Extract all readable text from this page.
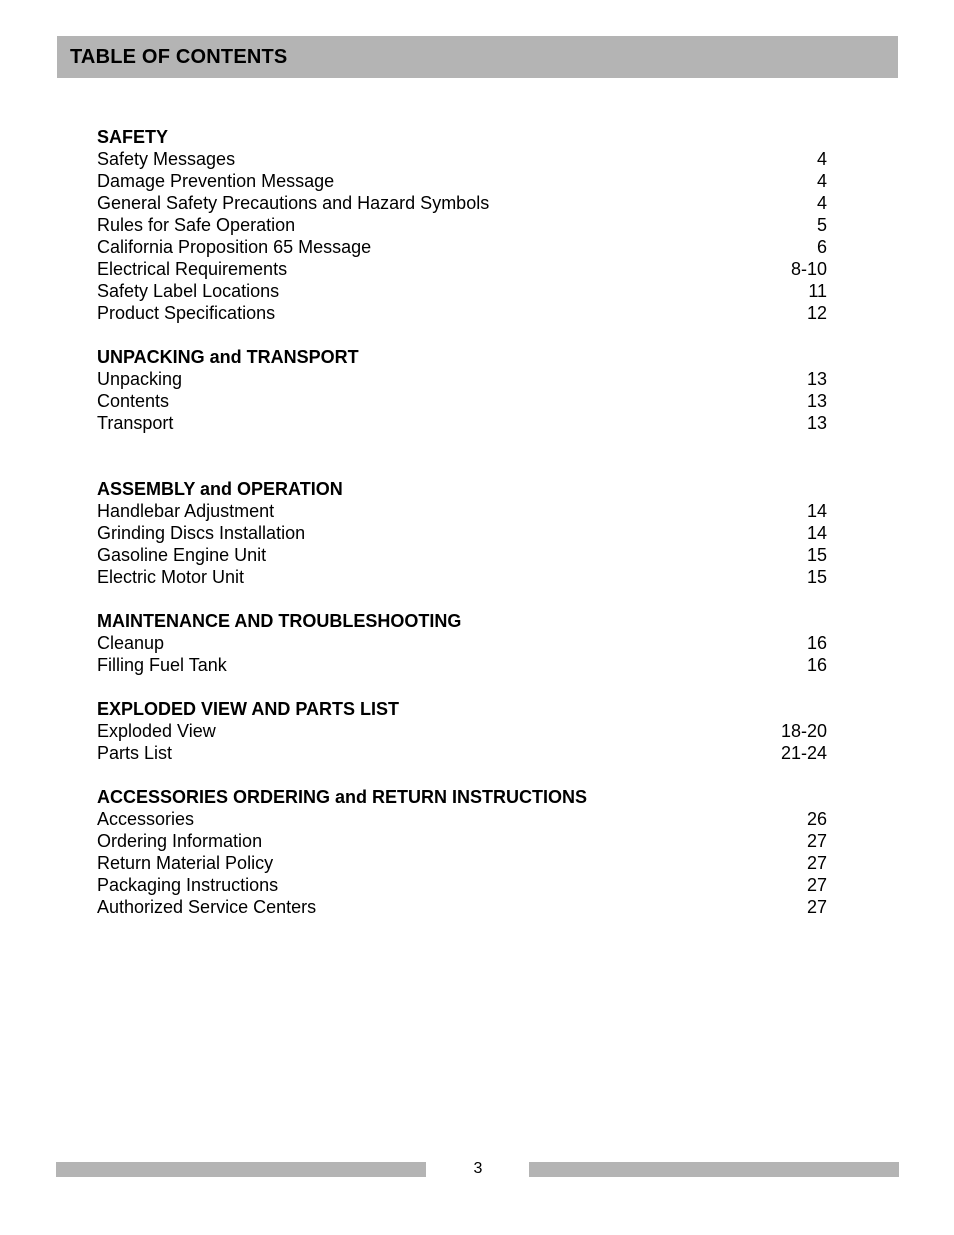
TABLE OF CONTENTS
SAFETY
Safety Messages	4
Damage Prevention Message	4
General Safety Precautions and Hazard Symbols	4
Rules for Safe Operation	5
California Proposition 65 Message	6
Electrical Requirements	8-10
Safety Label Locations	11
Product Specifications	12
UNPACKING and TRANSPORT
Unpacking	13
Contents	13
Transport	13
ASSEMBLY and OPERATION
Handlebar Adjustment	14
Grinding Discs Installation	14
Gasoline Engine Unit	15
Electric Motor Unit	15
MAINTENANCE AND TROUBLESHOOTING
Cleanup	16
Filling Fuel Tank	16
EXPLODED VIEW AND PARTS LIST
Exploded View	18-20
Parts List	21-24
ACCESSORIES ORDERING and RETURN INSTRUCTIONS
Accessories	26
Ordering Information	27
Return Material Policy	27
Packaging Instructions	27
Authorized Service Centers	27
3
